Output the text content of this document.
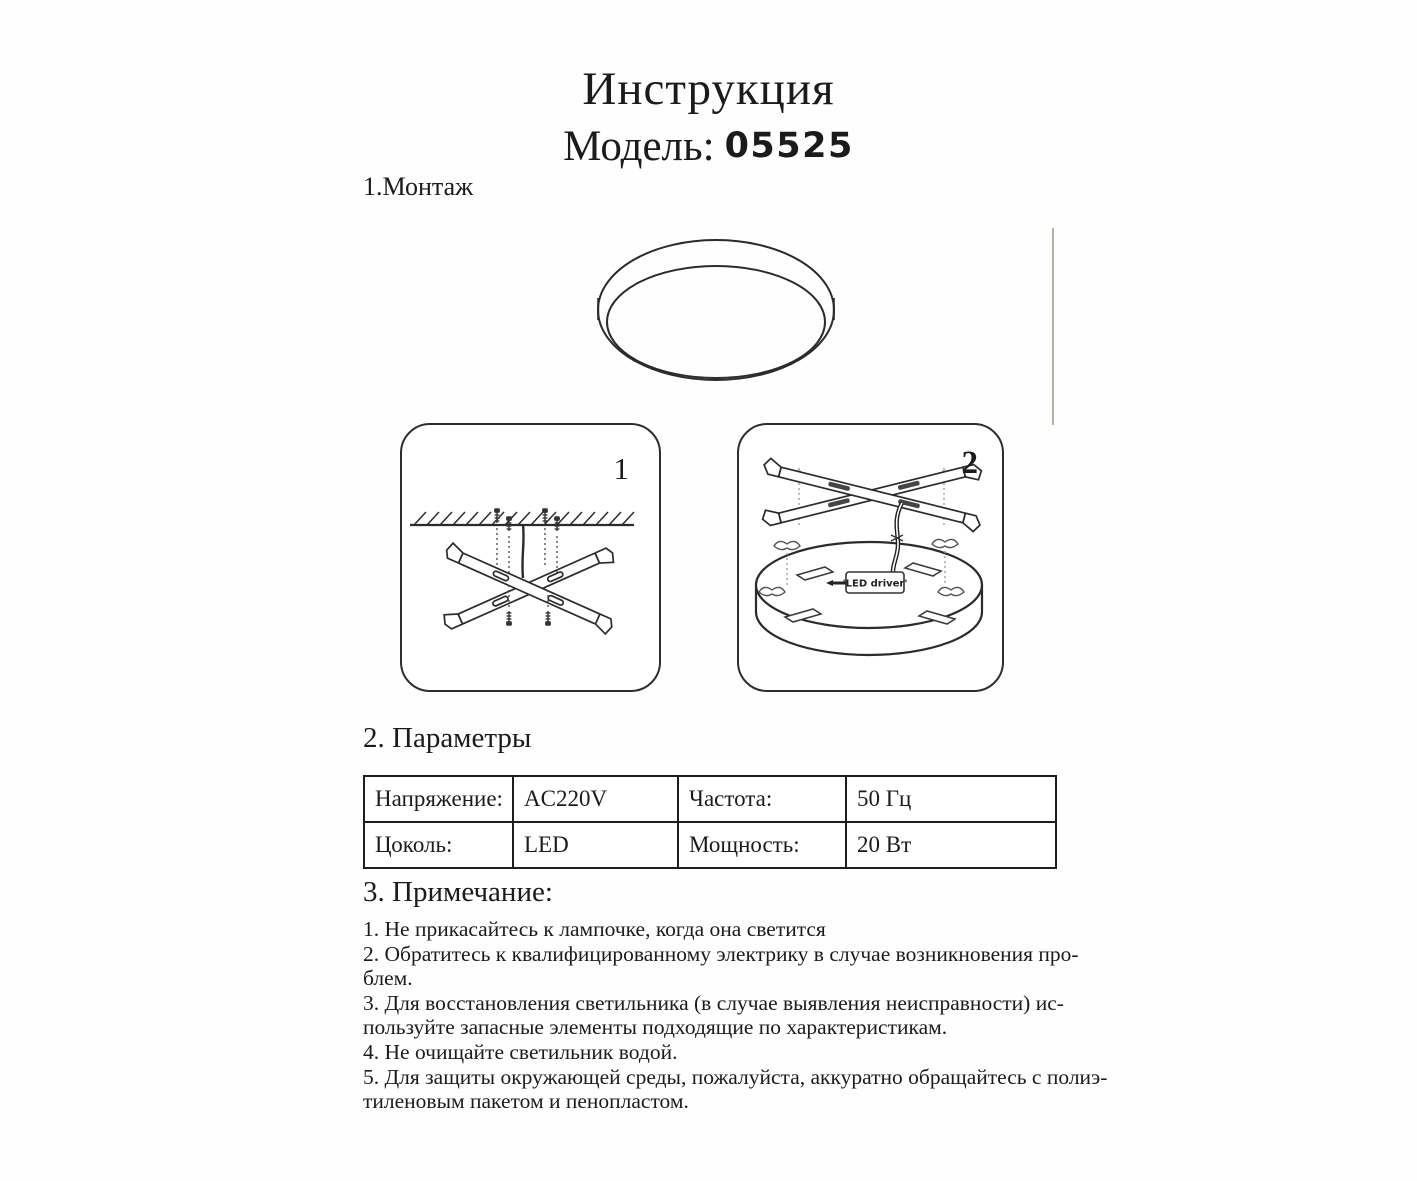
Инструкция
Модель: 05525
1.Монтаж
1	2
'LED driver'
2. Параметры
Напряжение:	AC220V	Частота:	50 Гц
Цоколь:	LED	Мощность:	20 Вт
3. Примечание:
1. Не прикасайтесь к лампочке, когда она светится
2. Обратитесь к квалифицированному электрику в случае возникновения про-
блем.
3. Для восстановления светильника (в случае выявления неисправности) ис-
пользуйте запасные элементы подходящие по характеристикам.
4. Не очищайте светильник водой.
5. Для защиты окружающей среды, пожалуйста, аккуратно обращайтесь с полиэ-
тиленовым пакетом и пенопластом.
